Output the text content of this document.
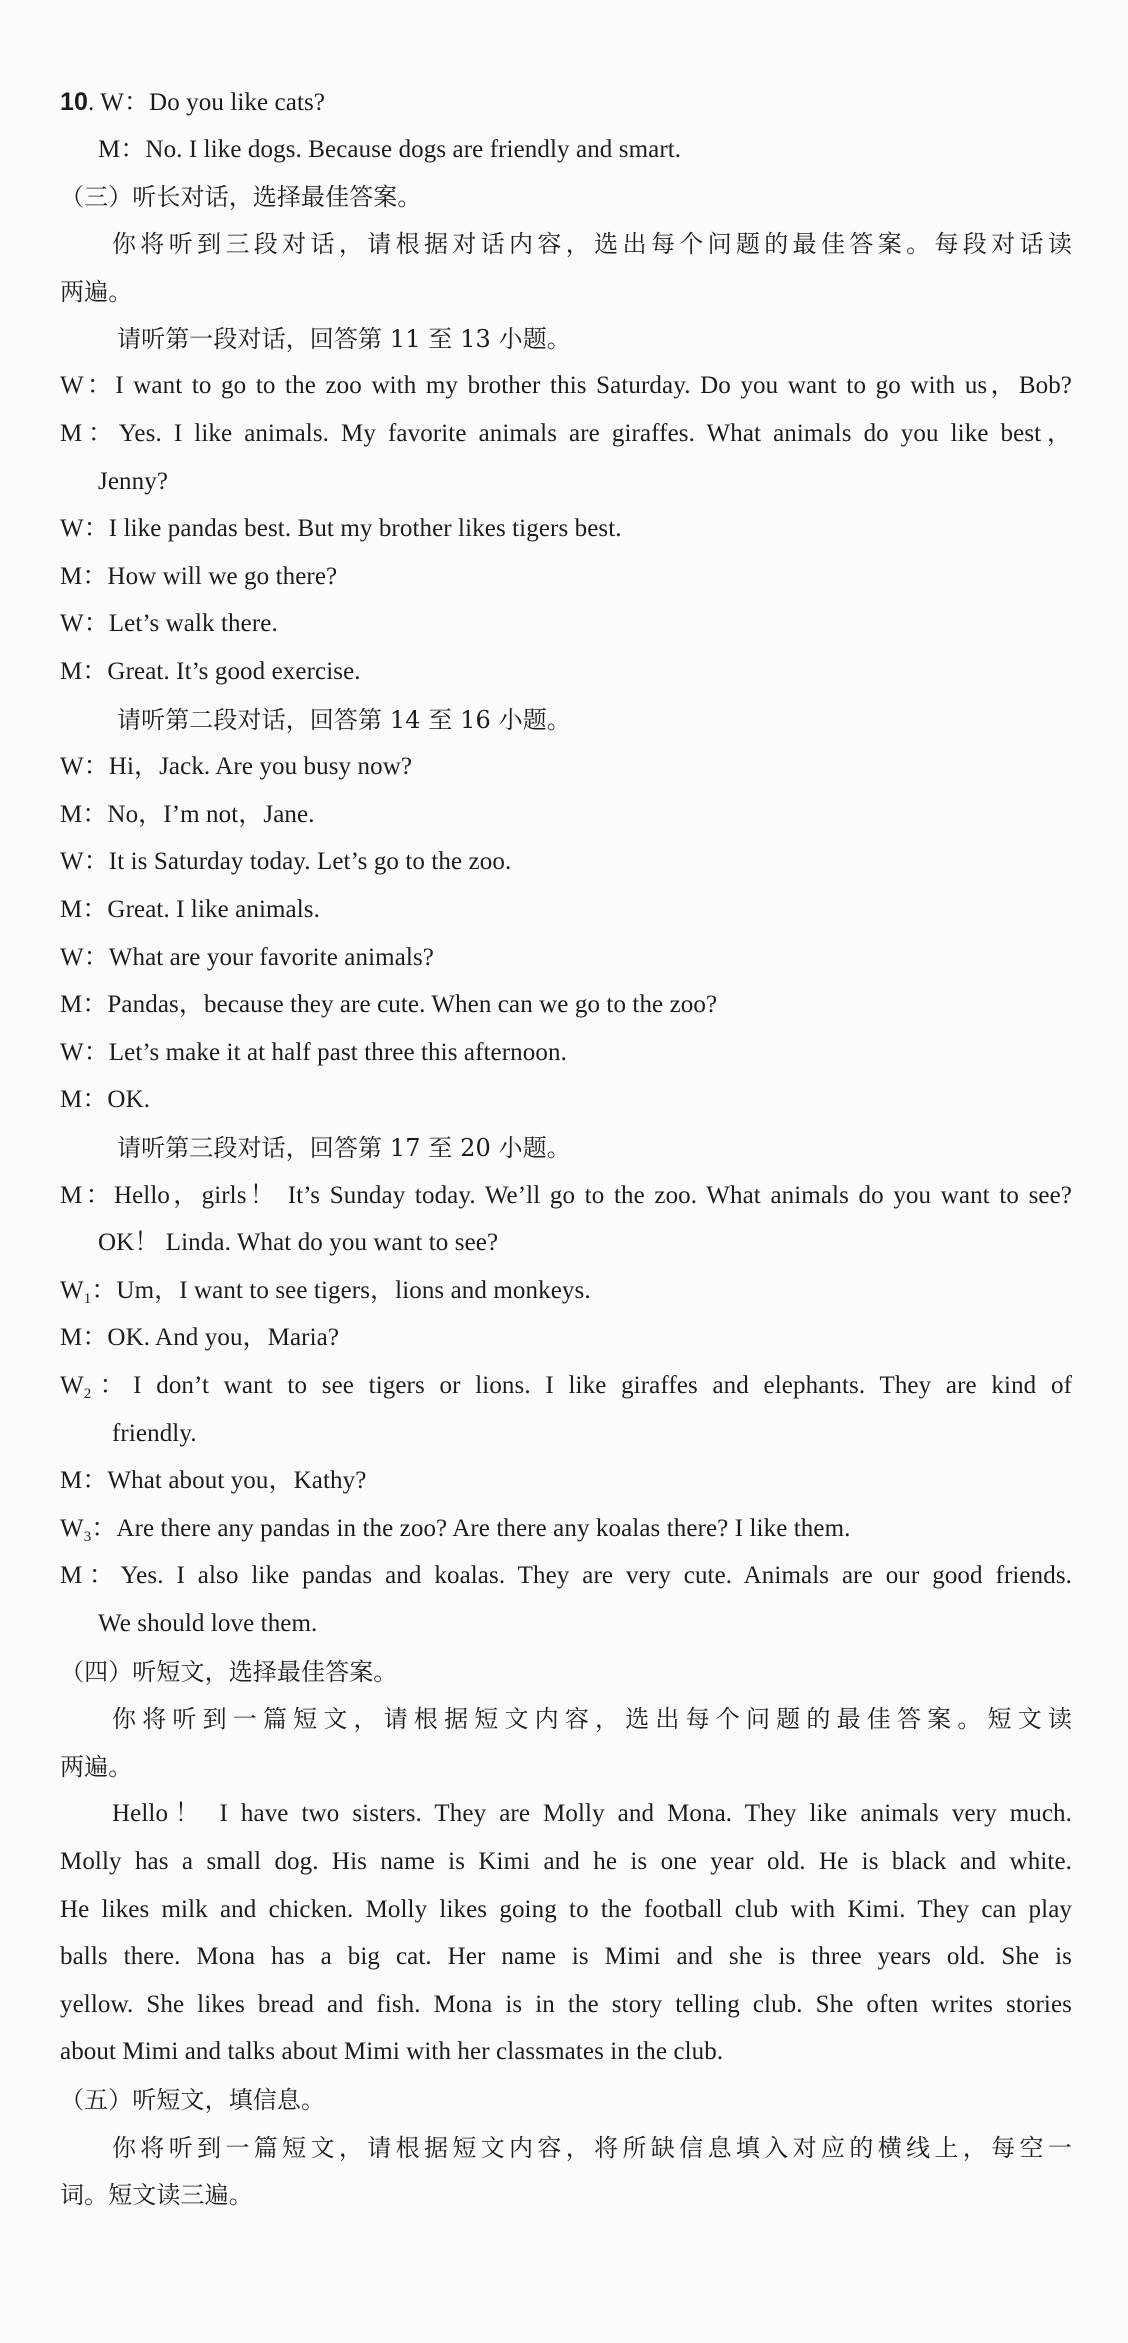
10. W：Do you like cats?
M：No. I like dogs. Because dogs are friendly and smart.
（三）听长对话，选择最佳答案。
你将听到三段对话，请根据对话内容，选出每个问题的最佳答案。每段对话读
两遍。
请听第一段对话，回答第 11 至 13 小题。
W：I want to go to the zoo with my brother this Saturday. Do you want to go with us，Bob?
M：Yes. I like animals. My favorite animals are giraffes. What animals do you like best，
Jenny?
W：I like pandas best. But my brother likes tigers best.
M：How will we go there?
W：Let’s walk there.
M：Great. It’s good exercise.
请听第二段对话，回答第 14 至 16 小题。
W：Hi，Jack. Are you busy now?
M：No，I’m not，Jane.
W：It is Saturday today. Let’s go to the zoo.
M：Great. I like animals.
W：What are your favorite animals?
M：Pandas，because they are cute. When can we go to the zoo?
W：Let’s make it at half past three this afternoon.
M：OK.
请听第三段对话，回答第 17 至 20 小题。
M：Hello，girls！ It’s Sunday today. We’ll go to the zoo. What animals do you want to see?
OK！ Linda. What do you want to see?
$W_1$：Um，I want to see tigers，lions and monkeys.
M：OK. And you，Maria?
$W_2$：I don’t want to see tigers or lions. I like giraffes and elephants. They are kind of
friendly.
M：What about you，Kathy?
$W_3$：Are there any pandas in the zoo? Are there any koalas there? I like them.
M：Yes. I also like pandas and koalas. They are very cute. Animals are our good friends.
We should love them.
（四）听短文，选择最佳答案。
你将听到一篇短文，请根据短文内容，选出每个问题的最佳答案。短文读
两遍。
Hello！ I have two sisters. They are Molly and Mona. They like animals very much.
Molly has a small dog. His name is Kimi and he is one year old. He is black and white.
He likes milk and chicken. Molly likes going to the football club with Kimi. They can play
balls there. Mona has a big cat. Her name is Mimi and she is three years old. She is
yellow. She likes bread and fish. Mona is in the story telling club. She often writes stories
about Mimi and talks about Mimi with her classmates in the club.
（五）听短文，填信息。
你将听到一篇短文，请根据短文内容，将所缺信息填入对应的横线上，每空一
词。短文读三遍。
